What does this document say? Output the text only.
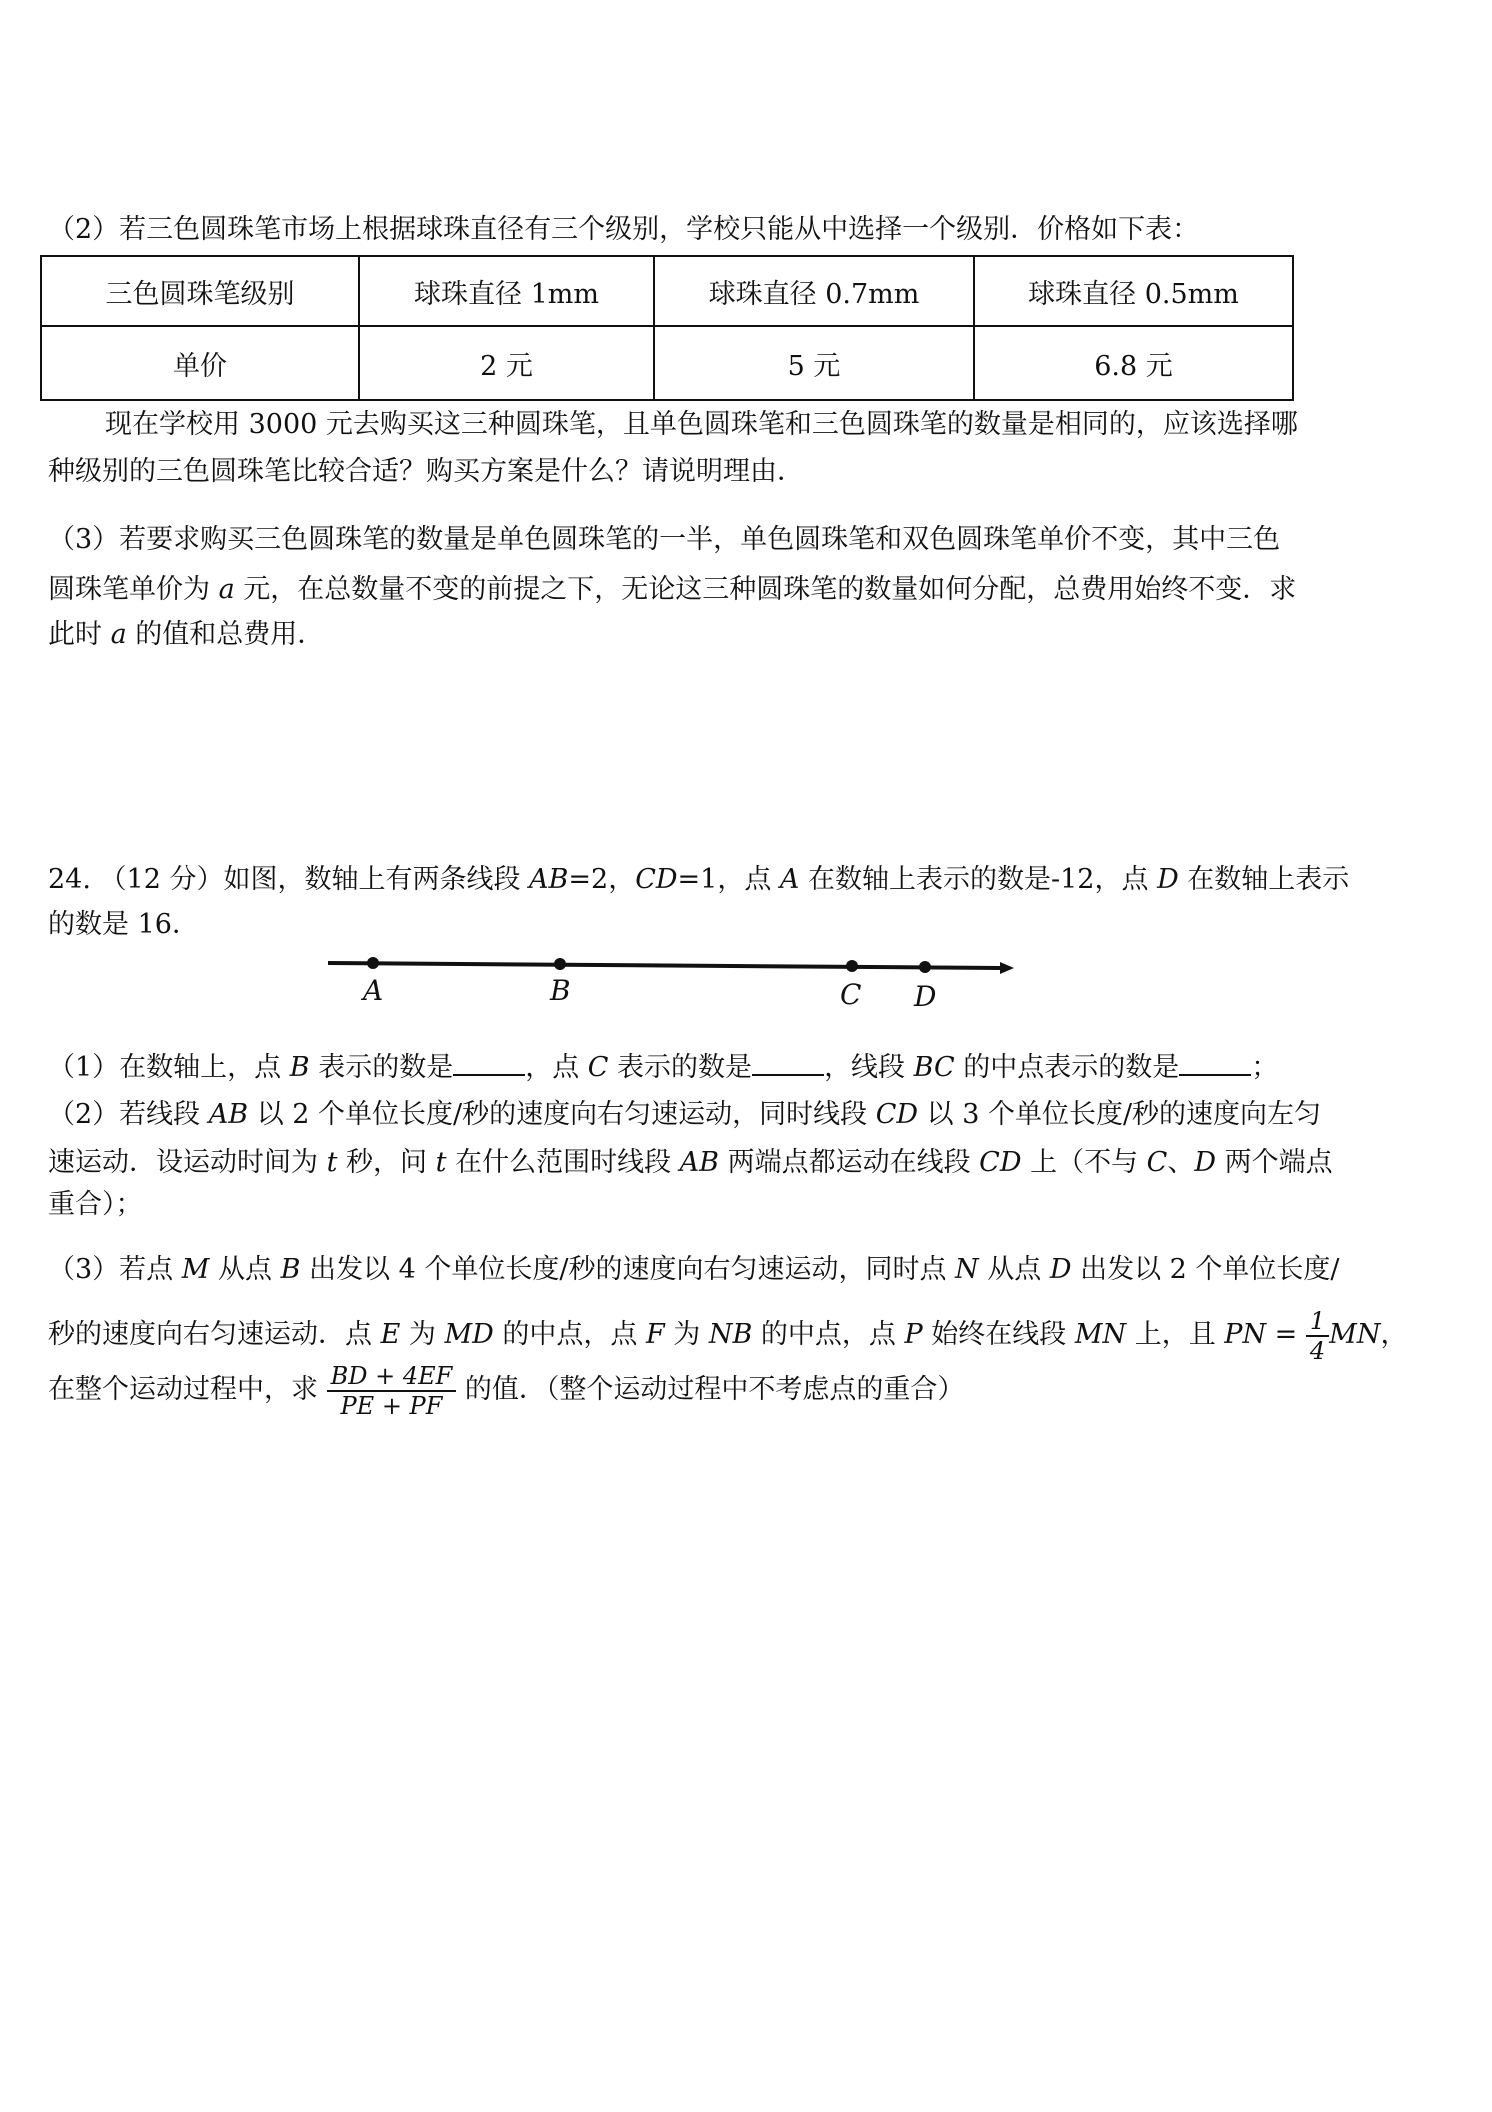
（2）若三色圆珠笔市场上根据球珠直径有三个级别，学校只能从中选择一个级别．价格如下表：
三色圆珠笔级别	球珠直径 1mm	球珠直径 0.7mm	球珠直径 0.5mm
单价	2 元	5 元	6.8 元
现在学校用 3000 元去购买这三种圆珠笔，且单色圆珠笔和三色圆珠笔的数量是相同的，应该选择哪
种级别的三色圆珠笔比较合适？购买方案是什么？请说明理由．
（3）若要求购买三色圆珠笔的数量是单色圆珠笔的一半，单色圆珠笔和双色圆珠笔单价不变，其中三色
圆珠笔单价为 a 元，在总数量不变的前提之下，无论这三种圆珠笔的数量如何分配，总费用始终不变．求
此时 a 的值和总费用．
24. （12 分）如图，数轴上有两条线段 AB=2，CD=1，点 A 在数轴上表示的数是-12，点 D 在数轴上表示
的数是 16．
A	B	C D
（1）在数轴上，点 B 表示的数是	，点 C 表示的数是	，线段 BC 的中点表示的数是	；
（2）若线段 AB 以 2 个单位长度/秒的速度向右匀速运动，同时线段 CD 以 3 个单位长度/秒的速度向左匀
速运动．设运动时间为 t 秒，问 t 在什么范围时线段 AB 两端点都运动在线段 CD 上（不与 C、D 两个端点
重合）；
（3）若点 M 从点 B 出发以 4 个单位长度/秒的速度向右匀速运动，同时点 N 从点 D 出发以 2 个单位长度/
秒的速度向右匀速运动．点 E 为 MD 的中点，点 F 为 NB 的中点，点 P 始终在线段 MN 上，且 PN = $\frac{1}{4}$ MN，
在整个运动过程中，求 $\frac{BD + 4EF}{PE + PF}$ 的值．（整个运动过程中不考虑点的重合）
